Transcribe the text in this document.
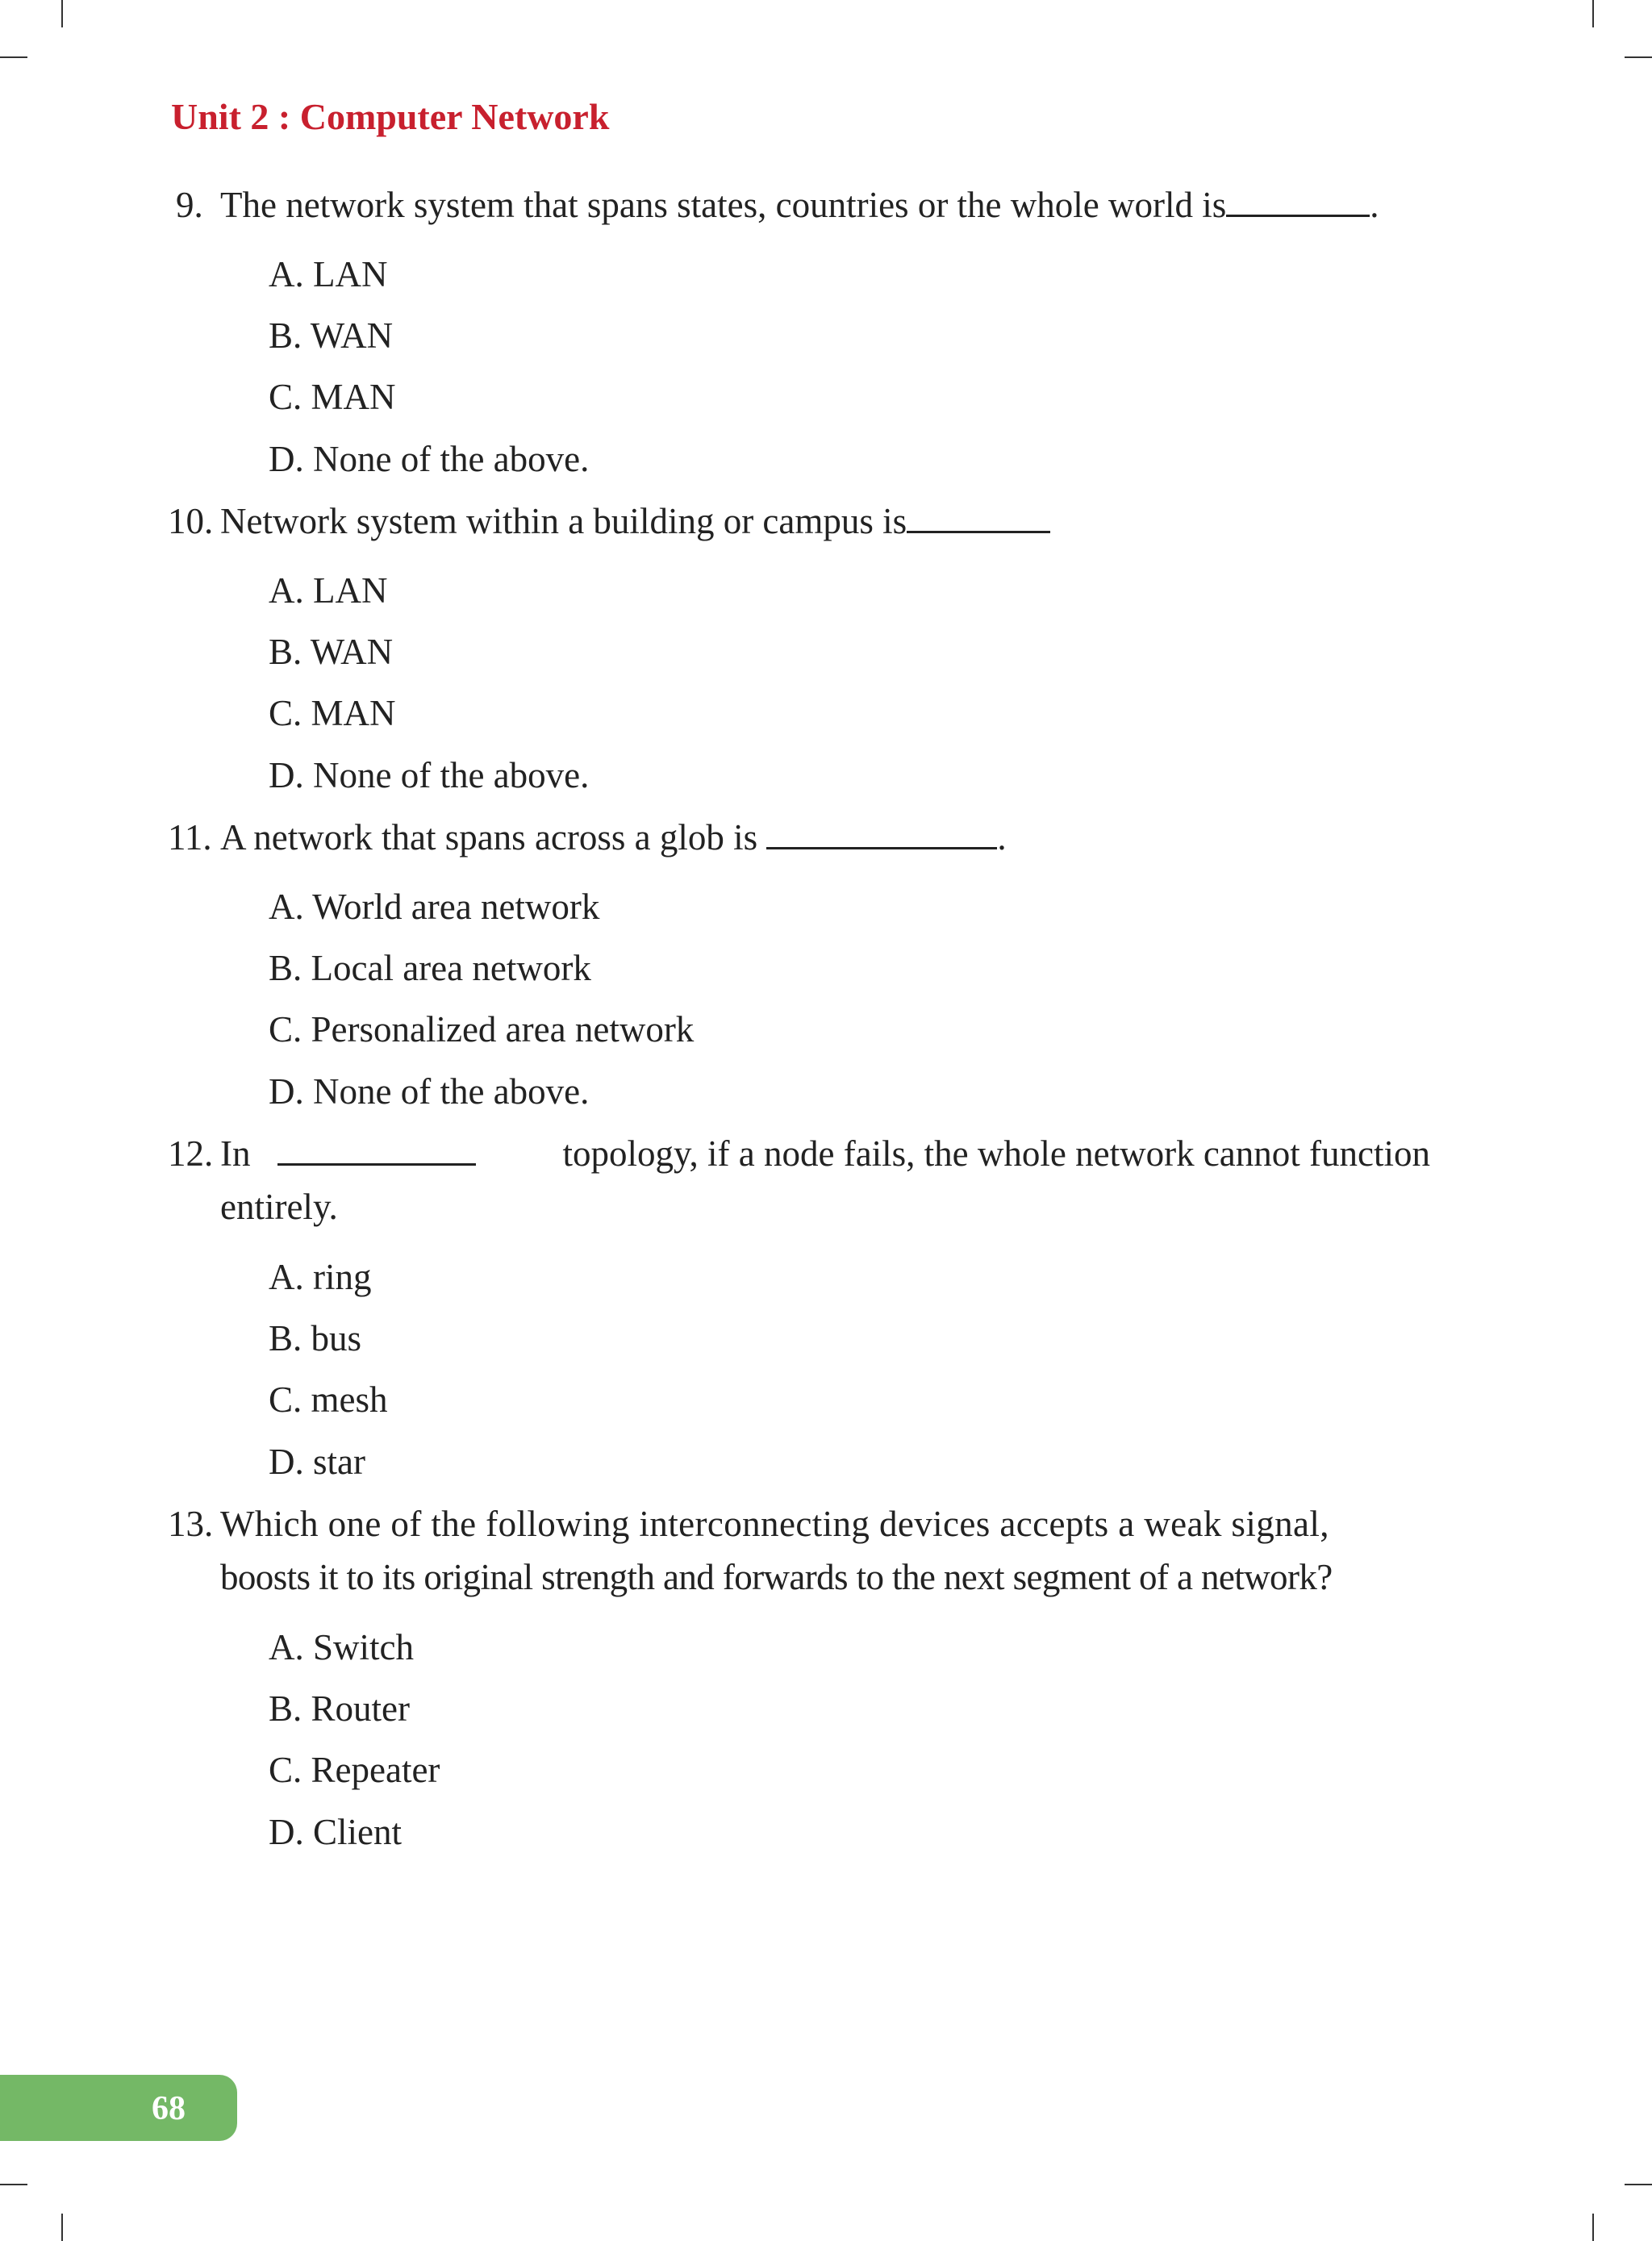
Unit 2 : Computer Network
9. The network system that spans states, countries or the whole world is	.
A. LAN
B. WAN
C. MAN
D. None of the above.
10. Network system within a building or campus is
A. LAN
B. WAN
C. MAN
D. None of the above.
11. A network that spans across a glob is	.
A. World area network
B. Local area network
C. Personalized area network
D. None of the above.
12. In	topology, if a node fails, the whole network cannot function
entirely.
A. ring
B. bus
C. mesh
D. star
13. Which one of the following interconnecting devices accepts a weak signal,
boosts it to its original strength and forwards to the next segment of a network?
A. Switch
B. Router
C. Repeater
D. Client
68
